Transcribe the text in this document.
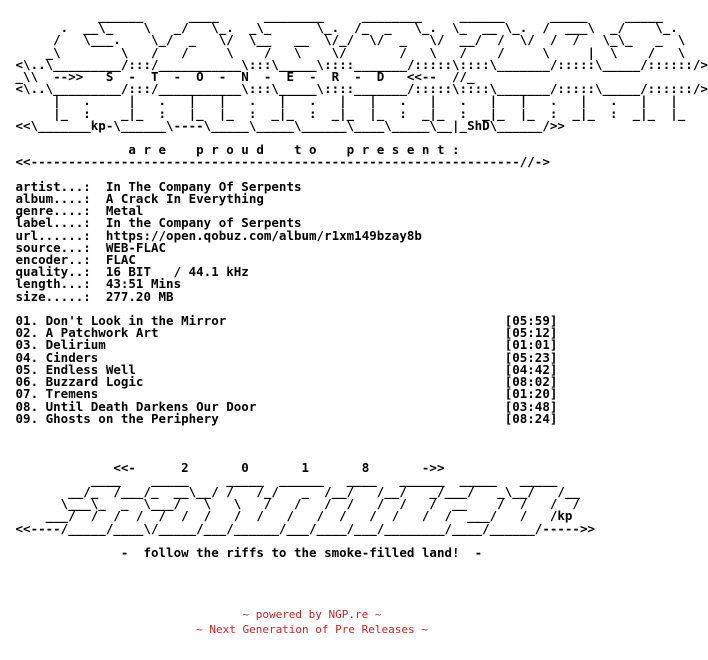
______      ____      ________     ________     ______      _____     _____
.  __\_    \   _/   \_.  _\_      \_.  /_  _   \_.  \_  __ \_.  /  ___\  _/    \_.
/   \___.    \_/  _   \/  \__   __  \/_/  \/  _   \/  __/  /  \/  /  /   \_\_   _  \
_\        \   /   /     \    /   \    \/       /   \   /    /     \     |  \    /   \
<\..\_________/:::/___________\:::\_____\::::_______/:::::\::::\_______/:::::\_____/::::::/>
_\\  -->>   S  -  T  -  O  -  N  -  E  -  R  -  D   <<--  //_
<\..\_________/:::/___________\:::\_____\::::_______/:::::\::::\_______/:::::\_____/::::::/>
|   .     |   .   |   |   .   |   .   |   |   .   |   .   |   |   .   |   .   |   |
|_  :    _|_  :   |_  |_  :  _|_  :  _|_  |_  :  _|_  :  _|_  |_  :  _|_  :  _|_  |_
<<\_______kp-\______\----\_____\_____\______\____\_____\__|_ShD\______/>>

a r e    p r o u d    t o    p r e s e n t :
<<-----------------------------------------------------------------//->

artist...:  In The Company Of Serpents
album....:  A Crack In Everything
genre....:  Metal
label....:  In the Company of Serpents
url......:  https://open.qobuz.com/album/r1xm149bzay8b
source...:  WEB-FLAC
encoder..:  FLAC
quality..:  16 BIT   / 44.1 kHz
length...:  43:51 Mins
size.....:  277.20 MB

01. Don't Look in the Mirror                                     [05:59]
02. A Patchwork Art                                              [05:12]
03. Delirium                                                     [01:01]
04. Cinders                                                      [05:23]
05. Endless Well                                                 [04:42]
06. Buzzard Logic                                                [08:02]
07. Tremens                                                      [01:20]
08. Until Death Darkens Our Door                                 [03:48]
09. Ghosts on the Periphery                                      [08:24]

<<-      2       0       1       8       ->>
____    _____     _____  ______   ____   ______  _____   _____
__/_  /___/_  __\__/ /   /_/   _  /__/   /__/   _/___/   _\__/   /__
\___\_  _  \___/   \   \   /   /   /  /   /  /   /  __    /  /   /  /
___/  /  /  /  /  /  /   /  /   /   /  /   /  /   /  /  ___/   /   /kp
<<----/_____/____\/_____/___/______/___/____/___/________/____/______/----->>

-  follow the riffs to the smoke-filled land!  -
~ powered by NGP.re ~
~ Next Generation of Pre Releases ~
